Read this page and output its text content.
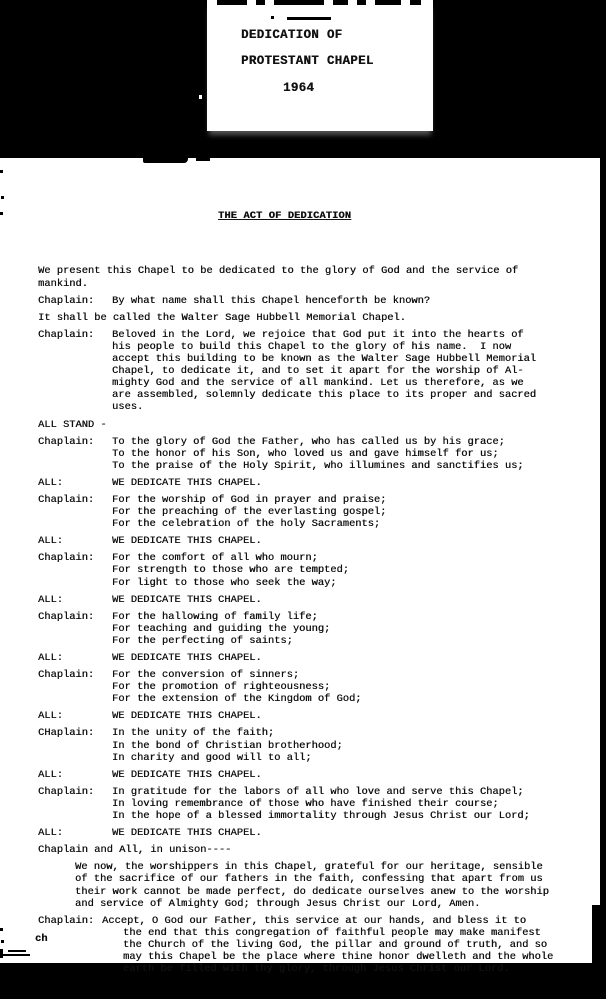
DEDICATION OF
PROTESTANT CHAPEL
1964

THE ACT OF DEDICATION

We present this Chapel to be dedicated to the glory of God and the service of
mankind.
Chaplain:	By what name shall this Chapel henceforth be known?
It shall be called the Walter Sage Hubbell Memorial Chapel.
Chaplain:	Beloved in the Lord, we rejoice that God put it into the hearts of
his people to build this Chapel to the glory of his name.  I now
accept this building to be known as the Walter Sage Hubbell Memorial
Chapel, to dedicate it, and to set it apart for the worship of Al-
mighty God and the service of all mankind. Let us therefore, as we
are assembled, solemnly dedicate this place to its proper and sacred
uses.
ALL STAND -
Chaplain:	To the glory of God the Father, who has called us by his grace;
To the honor of his Son, who loved us and gave himself for us;
To the praise of the Holy Spirit, who illumines and sanctifies us;
ALL:	WE DEDICATE THIS CHAPEL.
Chaplain:	For the worship of God in prayer and praise;
For the preaching of the everlasting gospel;
For the celebration of the holy Sacraments;
ALL:	WE DEDICATE THIS CHAPEL.
Chaplain:	For the comfort of all who mourn;
For strength to those who are tempted;
For light to those who seek the way;
ALL:	WE DEDICATE THIS CHAPEL.
Chaplain:	For the hallowing of family life;
For teaching and guiding the young;
For the perfecting of saints;
ALL:	WE DEDICATE THIS CHAPEL.
Chaplain:	For the conversion of sinners;
For the promotion of righteousness;
For the extension of the Kingdom of God;
ALL:	WE DEDICATE THIS CHAPEL.
CHaplain:	In the unity of the faith;
In the bond of Christian brotherhood;
In charity and good will to all;
ALL:	WE DEDICATE THIS CHAPEL.
Chaplain:	In gratitude for the labors of all who love and serve this Chapel;
In loving remembrance of those who have finished their course;
In the hope of a blessed immortality through Jesus Christ our Lord;
ALL:	WE DEDICATE THIS CHAPEL.
Chaplain and All, in unison----
We now, the worshippers in this Chapel, grateful for our heritage, sensible
of the sacrifice of our fathers in the faith, confessing that apart from us
their work cannot be made perfect, do dedicate ourselves anew to the worship
and service of Almighty God; through Jesus Christ our Lord, Amen.
Chaplain: Accept, O God our Father, this service at our hands, and bless it to
the end that this congregation of faithful people may make manifest
the Church of the living God, the pillar and ground of truth, and so
may this Chapel be the place where thine honor dwelleth and the whole
earth be filled with thy glory, through Jesus Christ our Lord.

ch
